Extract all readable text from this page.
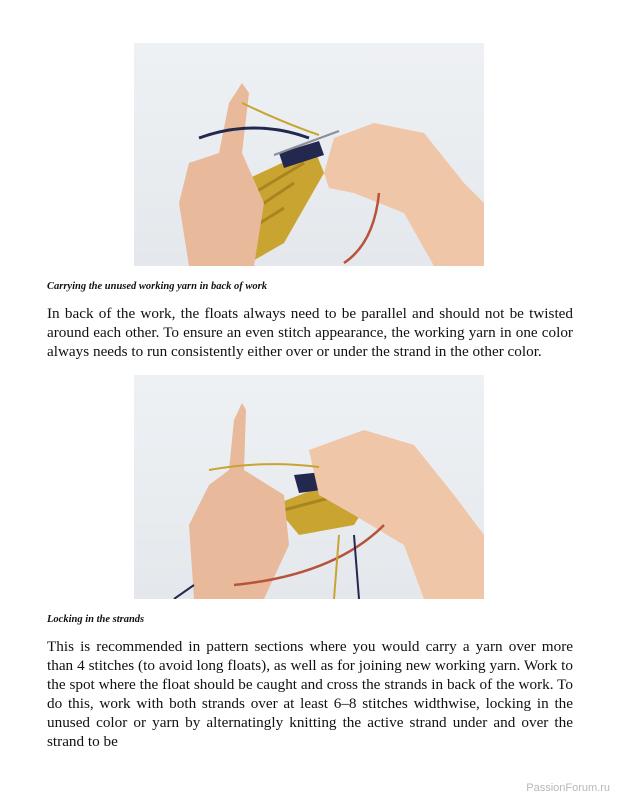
Carrying the unused working yarn in back of work

In back of the work, the floats always need to be parallel and should not be twisted around each other. To ensure an even stitch appearance, the working yarn in one color always needs to run consistently either over or under the strand in the other color.

Locking in the strands

This is recommended in pattern sections where you would carry a yarn over more than 4 stitches (to avoid long floats), as well as for joining new working yarn. Work to the spot where the float should be caught and cross the strands in back of the work. To do this, work with both strands over at least 6–8 stitches widthwise, locking in the unused color or yarn by alternatingly knitting the active strand under and over the strand to be

PassionForum.ru
